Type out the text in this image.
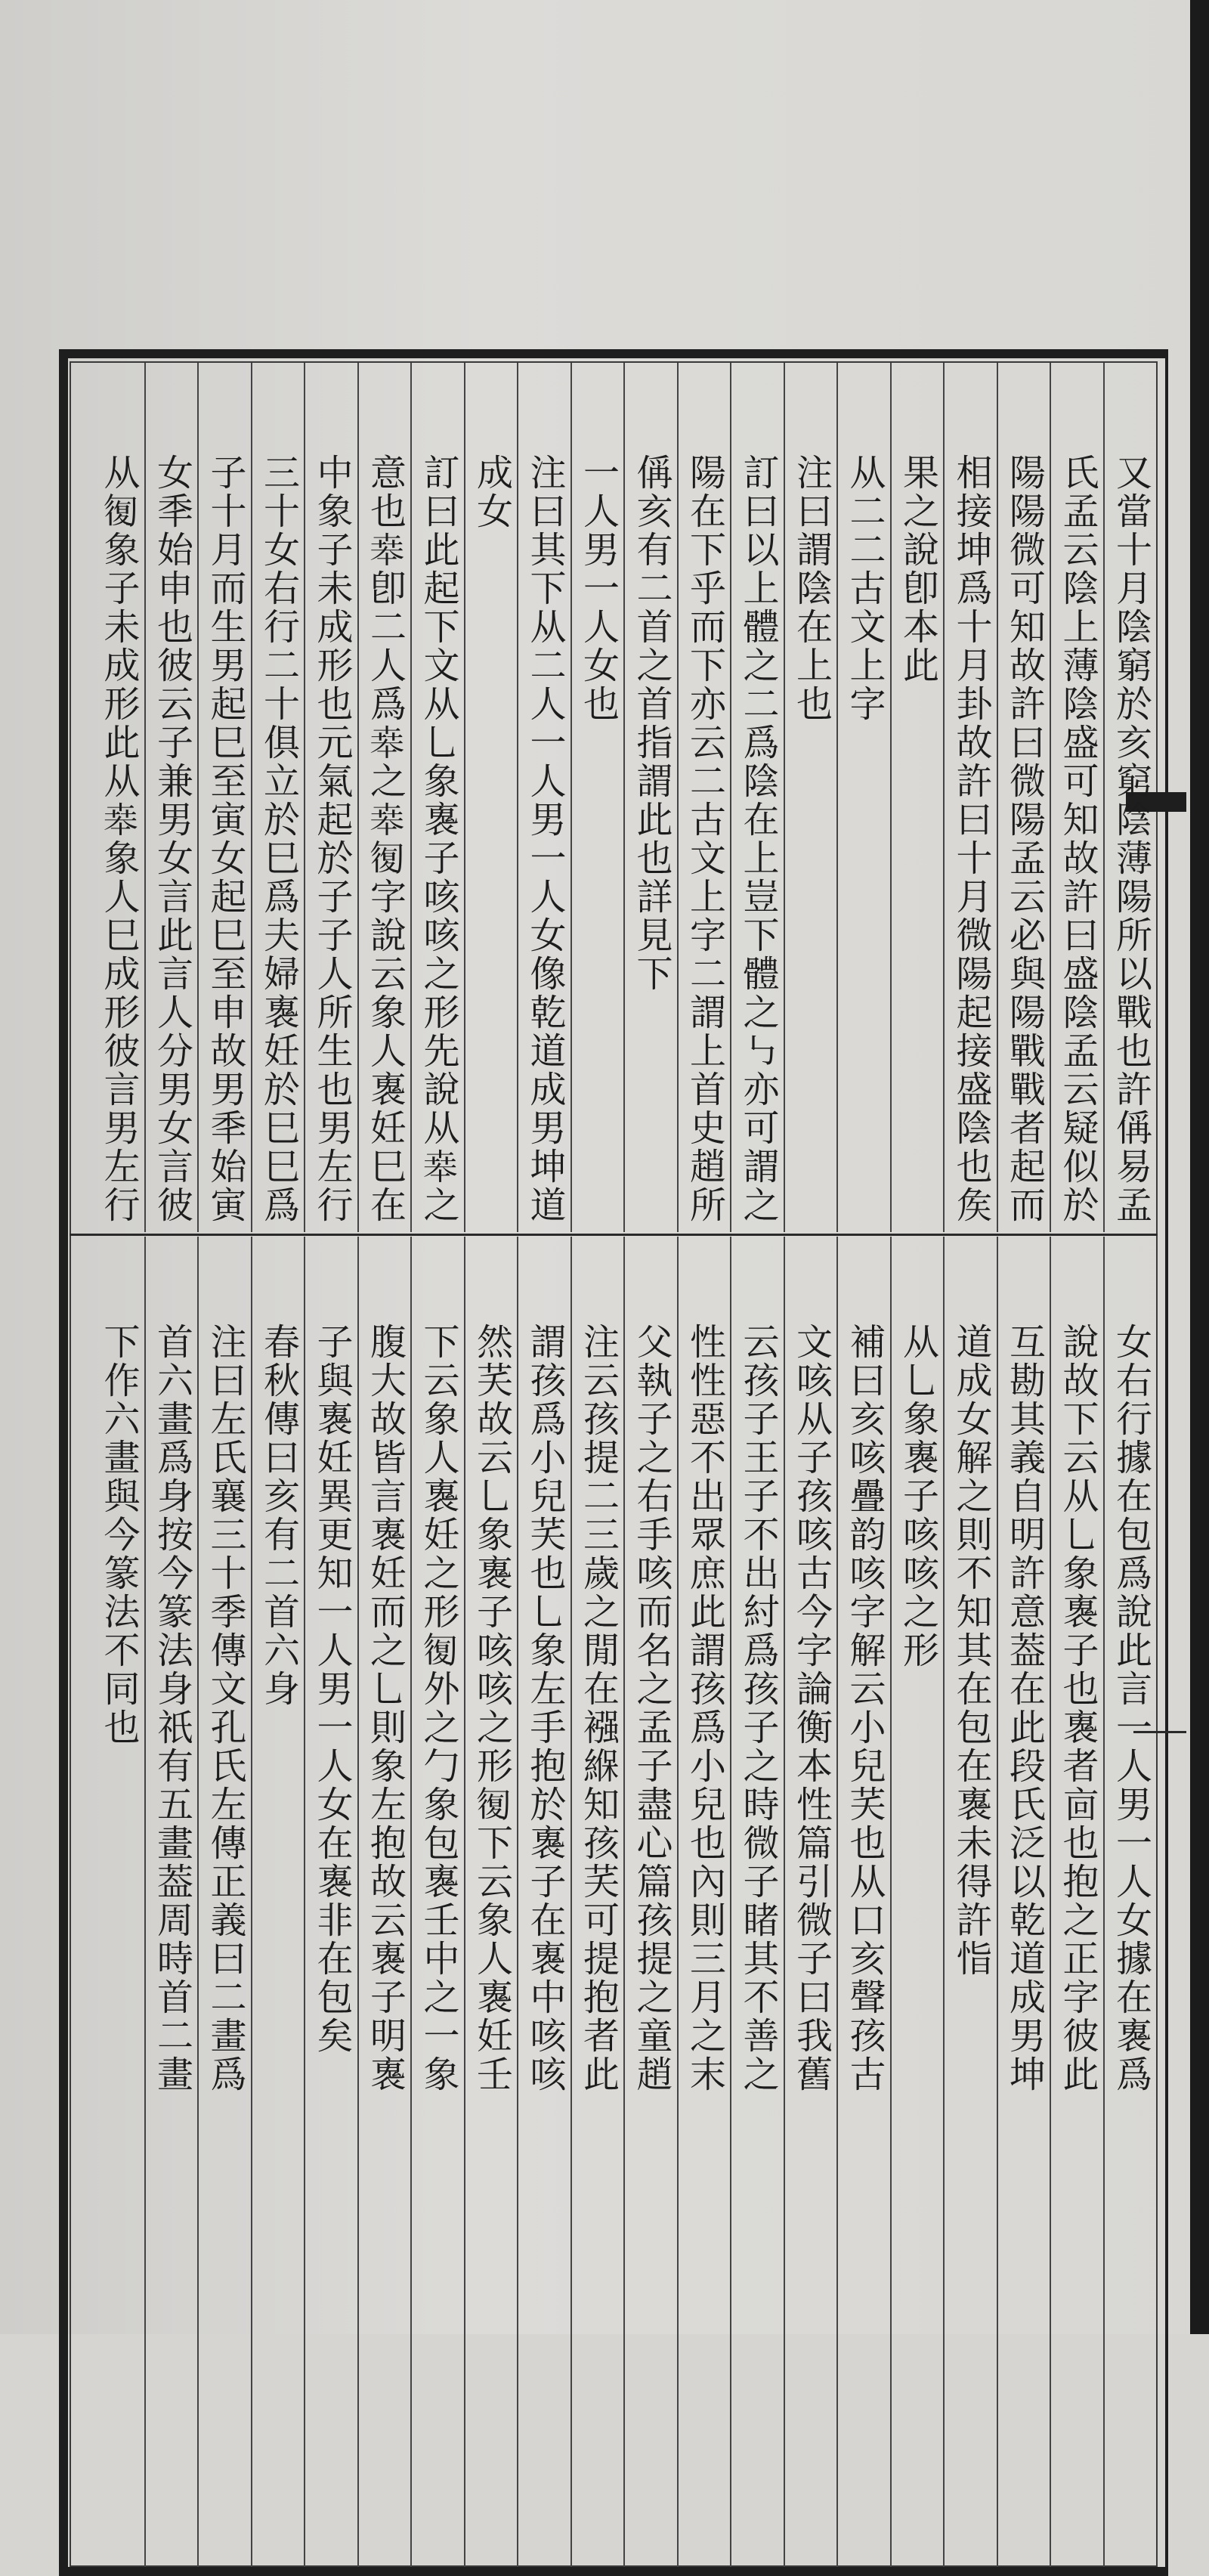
又當十月陰窮於亥窮陰薄陽所以戰也許偁易孟
氏孟云陰上薄陰盛可知故許曰盛陰孟云疑似於
陽陽微可知故許曰微陽孟云必與陽戰戰者起而
相接坤爲十月卦故許曰十月微陽起接盛陰也矦
果之說卽本此
从二二古文上字
注曰謂陰在上也
訂曰以上體之二爲陰在上豈下體之㇉亦可謂之
陽在下乎而下亦云二古文上字二謂上首史趙所
偁亥有二首之首指謂此也詳見下
一人男一人女也
注曰其下从二人一人男一人女像乾道成男坤道
成女
訂曰此起下文从乚象褢子咳咳之形先說从𠦪之
意也𠦪卽二人爲𠦪之𠦪𠣾字說云象人褢妊巳在
中象子未成形也元氣起於子子人所生也男左行
三十女右行二十俱立於巳爲夫婦褢妊於巳巳爲
子十月而生男起巳至寅女起巳至申故男秊始寅
女秊始申也彼云子兼男女言此言人分男女言彼
从𠣾象子未成形此从𠦪象人巳成形彼言男左行
女右行據在包爲說此言一人男一人女據在褢爲
說故下云从乚象褢子也褢者㐭也抱之正字彼此
互勘其義自明許意葢在此段氏泛以乾道成男坤
道成女解之則不知其在包在褢未得許恉
从乚象褢子咳咳之形
補曰亥咳疊韵咳字解云小兒芺也从口亥聲孩古
文咳从子孩咳古今字論衡本性篇引微子曰我舊
云孩子王子不出紂爲孩子之時微子睹其不善之
性性惡不出眾庶此謂孩爲小兒也內則三月之末
父執子之右手咳而名之孟子盡心篇孩提之童趙
注云孩提二三歲之閒在襁緥知孩芺可提抱者此
謂孩爲小兒芺也乚象左手抱於褢子在褢中咳咳
然芺故云乚象褢子咳咳之形𠣾下云象人褢妊壬
下云象人褢妊之形𠣾外之勹象包褢壬中之一象
腹大故皆言褢妊而之乚則象左抱故云褢子明褢
子與褢妊異更知一人男一人女在褢非在包矣
春秋傳曰亥有二首六身
注曰左氏襄三十季傳文孔氏左傳正義曰二畫爲
首六畫爲身按今篆法身祇有五畫葢周時首二畫
下作六畫與今篆法不同也
